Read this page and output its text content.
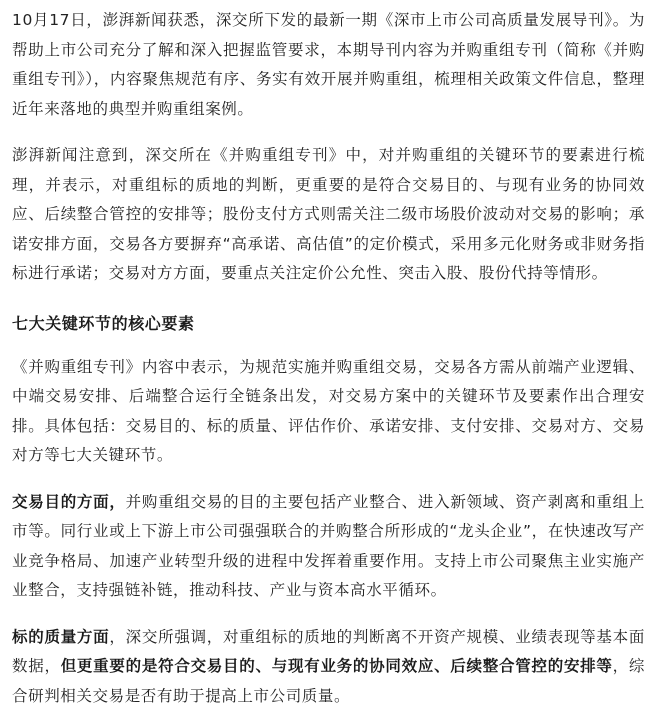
10月17日，澎湃新闻获悉，深交所下发的最新一期《深市上市公司高质量发展导刊》。为帮助上市公司充分了解和深入把握监管要求，本期导刊内容为并购重组专刊（简称《并购重组专刊》），内容聚焦规范有序、务实有效开展并购重组，梳理相关政策文件信息，整理近年来落地的典型并购重组案例。

澎湃新闻注意到，深交所在《并购重组专刊》中，对并购重组的关键环节的要素进行梳理，并表示，对重组标的质地的判断，更重要的是符合交易目的、与现有业务的协同效应、后续整合管控的安排等；股份支付方式则需关注二级市场股价波动对交易的影响；承诺安排方面，交易各方要摒弃“高承诺、高估值”的定价模式，采用多元化财务或非财务指标进行承诺；交易对方方面，要重点关注定价公允性、突击入股、股份代持等情形。

七大关键环节的核心要素

《并购重组专刊》内容中表示，为规范实施并购重组交易，交易各方需从前端产业逻辑、中端交易安排、后端整合运行全链条出发，对交易方案中的关键环节及要素作出合理安排。具体包括：交易目的、标的质量、评估作价、承诺安排、支付安排、交易对方、交易对方等七大关键环节。

交易目的方面，并购重组交易的目的主要包括产业整合、进入新领域、资产剥离和重组上市等。同行业或上下游上市公司强强联合的并购整合所形成的“龙头企业”，在快速改写产业竞争格局、加速产业转型升级的进程中发挥着重要作用。支持上市公司聚焦主业实施产业整合，支持强链补链，推动科技、产业与资本高水平循环。

标的质量方面，深交所强调，对重组标的质地的判断离不开资产规模、业绩表现等基本面数据，但更重要的是符合交易目的、与现有业务的协同效应、后续整合管控的安排等，综合研判相关交易是否有助于提高上市公司质量。
